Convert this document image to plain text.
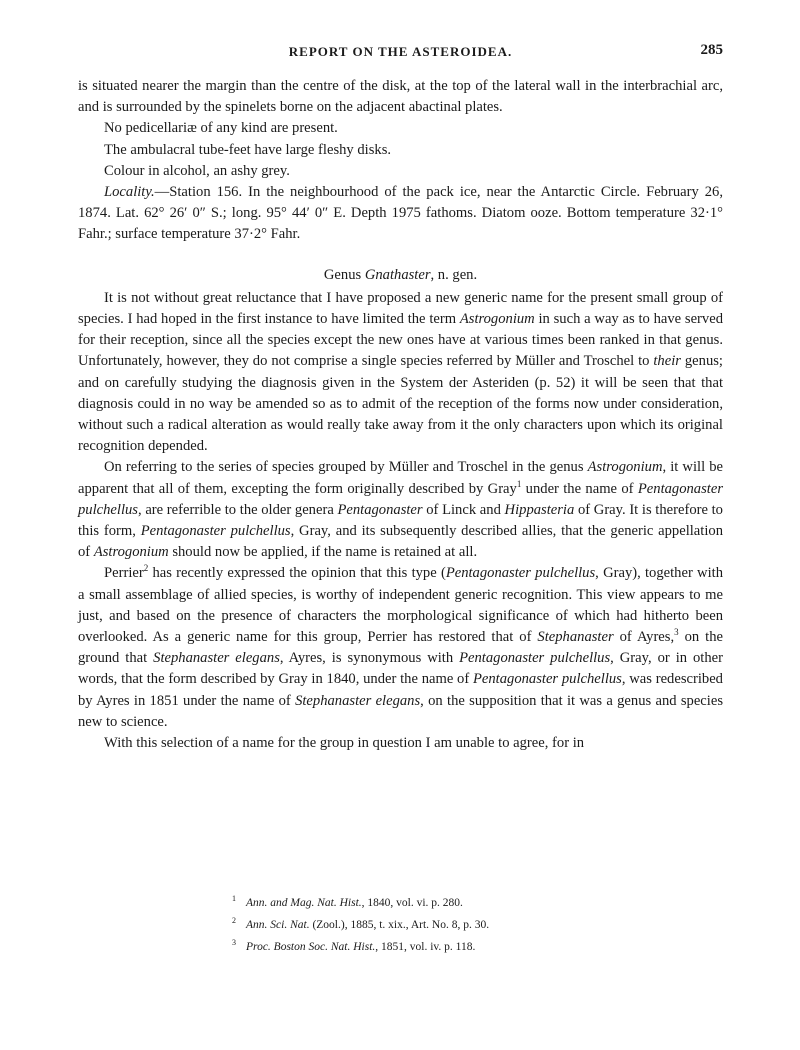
REPORT ON THE ASTEROIDEA.	285

is situated nearer the margin than the centre of the disk, at the top of the lateral wall in the interbrachial arc, and is surrounded by the spinelets borne on the adjacent abactinal plates.

No pedicellariæ of any kind are present.

The ambulacral tube-feet have large fleshy disks.

Colour in alcohol, an ashy grey.

Locality.—Station 156. In the neighbourhood of the pack ice, near the Antarctic Circle. February 26, 1874. Lat. 62° 26′ 0″ S.; long. 95° 44′ 0″ E. Depth 1975 fathoms. Diatom ooze. Bottom temperature 32·1° Fahr.; surface temperature 37·2° Fahr.

Genus Gnathaster, n. gen.

It is not without great reluctance that I have proposed a new generic name for the present small group of species. I had hoped in the first instance to have limited the term Astrogonium in such a way as to have served for their reception, since all the species except the new ones have at various times been ranked in that genus. Unfortunately, however, they do not comprise a single species referred by Müller and Troschel to their genus; and on carefully studying the diagnosis given in the System der Asteriden (p. 52) it will be seen that that diagnosis could in no way be amended so as to admit of the reception of the forms now under consideration, without such a radical alteration as would really take away from it the only characters upon which its original recognition depended.

On referring to the series of species grouped by Müller and Troschel in the genus Astrogonium, it will be apparent that all of them, excepting the form originally described by Gray$^1$ under the name of Pentagonaster pulchellus, are referrible to the older genera Pentagonaster of Linck and Hippasteria of Gray. It is therefore to this form, Pentagonaster pulchellus, Gray, and its subsequently described allies, that the generic appellation of Astrogonium should now be applied, if the name is retained at all.

Perrier$^2$ has recently expressed the opinion that this type (Pentagonaster pulchellus, Gray), together with a small assemblage of allied species, is worthy of independent generic recognition. This view appears to me just, and based on the presence of characters the morphological significance of which had hitherto been overlooked. As a generic name for this group, Perrier has restored that of Stephanaster of Ayres,$^3$ on the ground that Stephanaster elegans, Ayres, is synonymous with Pentagonaster pulchellus, Gray, or in other words, that the form described by Gray in 1840, under the name of Pentagonaster pulchellus, was redescribed by Ayres in 1851 under the name of Stephanaster elegans, on the supposition that it was a genus and species new to science.

With this selection of a name for the group in question I am unable to agree, for in

$^1$ Ann. and Mag. Nat. Hist., 1840, vol. vi. p. 280.
$^2$ Ann. Sci. Nat. (Zool.), 1885, t. xix., Art. No. 8, p. 30.
$^3$ Proc. Boston Soc. Nat. Hist., 1851, vol. iv. p. 118.
